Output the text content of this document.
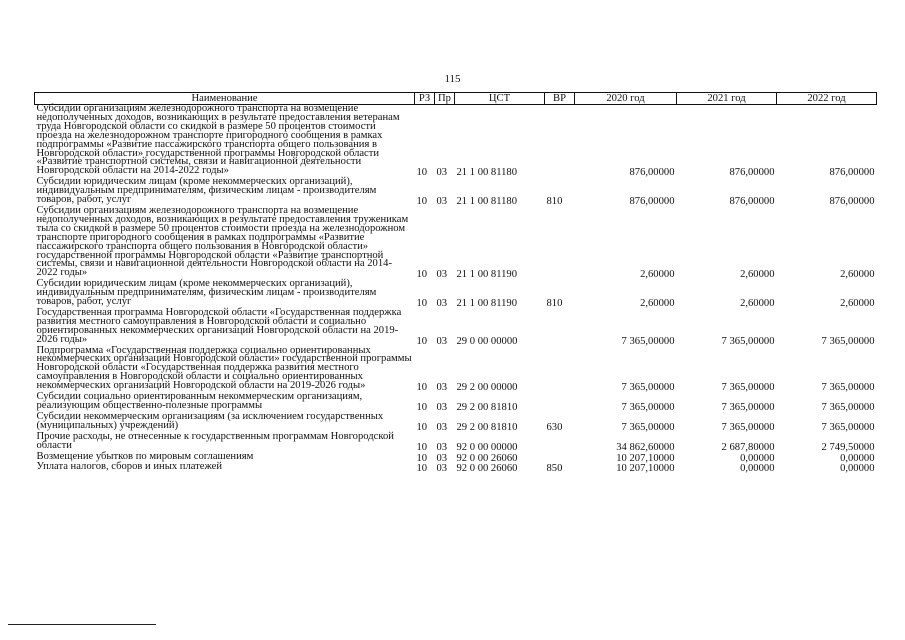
115
Наименование	РЗ	Пр	ЦСТ	ВР	2020 год	2021 год	2022 год
Субсидии организациям железнодорожного транспорта на возмещение недополученных доходов, возникающих в результате предоставления ветеранам труда Новгородской области со скидкой в размере 50 процентов стоимости проезда на железнодорожном транспорте пригородного сообщения в рамках подпрограммы «Развитие пассажирского транспорта общего пользования в Новгородской области» государственной программы Новгородской области «Развитие транспортной системы, связи и навигационной деятельности Новгородской области на 2014-2022 годы»	10	03	21 1 00 81180		876,00000	876,00000	876,00000
Субсидии юридическим лицам (кроме некоммерческих организаций), индивидуальным предпринимателям, физическим лицам - производителям товаров, работ, услуг	10	03	21 1 00 81180	810	876,00000	876,00000	876,00000
Субсидии организациям железнодорожного транспорта на возмещение недополученных доходов, возникающих в результате предоставления труженикам тыла со скидкой в размере 50 процентов стоимости проезда на железнодорожном транспорте пригородного сообщения в рамках подпрограммы «Развитие пассажирского транспорта общего пользования в Новгородской области» государственной программы Новгородской области «Развитие транспортной системы, связи и навигационной деятельности Новгородской области на 2014-2022 годы»	10	03	21 1 00 81190		2,60000	2,60000	2,60000
Субсидии юридическим лицам (кроме некоммерческих организаций), индивидуальным предпринимателям, физическим лицам - производителям товаров, работ, услуг	10	03	21 1 00 81190	810	2,60000	2,60000	2,60000
Государственная программа Новгородской области «Государственная поддержка развития местного самоуправления в Новгородской области и социально ориентированных некоммерческих организаций Новгородской области на 2019-2026 годы»	10	03	29 0 00 00000		7 365,00000	7 365,00000	7 365,00000
Подпрограмма «Государственная поддержка социально ориентированных некоммерческих организаций Новгородской области» государственной программы Новгородской области «Государственная поддержка развития местного самоуправления в Новгородской области и социально ориентированных некоммерческих организаций Новгородской области на 2019-2026 годы»	10	03	29 2 00 00000		7 365,00000	7 365,00000	7 365,00000
Субсидии социально ориентированным некоммерческим организациям, реализующим общественно-полезные программы	10	03	29 2 00 81810		7 365,00000	7 365,00000	7 365,00000
Субсидии некоммерческим организациям (за исключением государственных (муниципальных) учреждений)	10	03	29 2 00 81810	630	7 365,00000	7 365,00000	7 365,00000
Прочие расходы, не отнесенные к государственным программам Новгородской области	10	03	92 0 00 00000		34 862,60000	2 687,80000	2 749,50000
Возмещение убытков по мировым соглашениям	10	03	92 0 00 26060		10 207,10000	0,00000	0,00000
Уплата налогов, сборов и иных платежей	10	03	92 0 00 26060	850	10 207,10000	0,00000	0,00000
